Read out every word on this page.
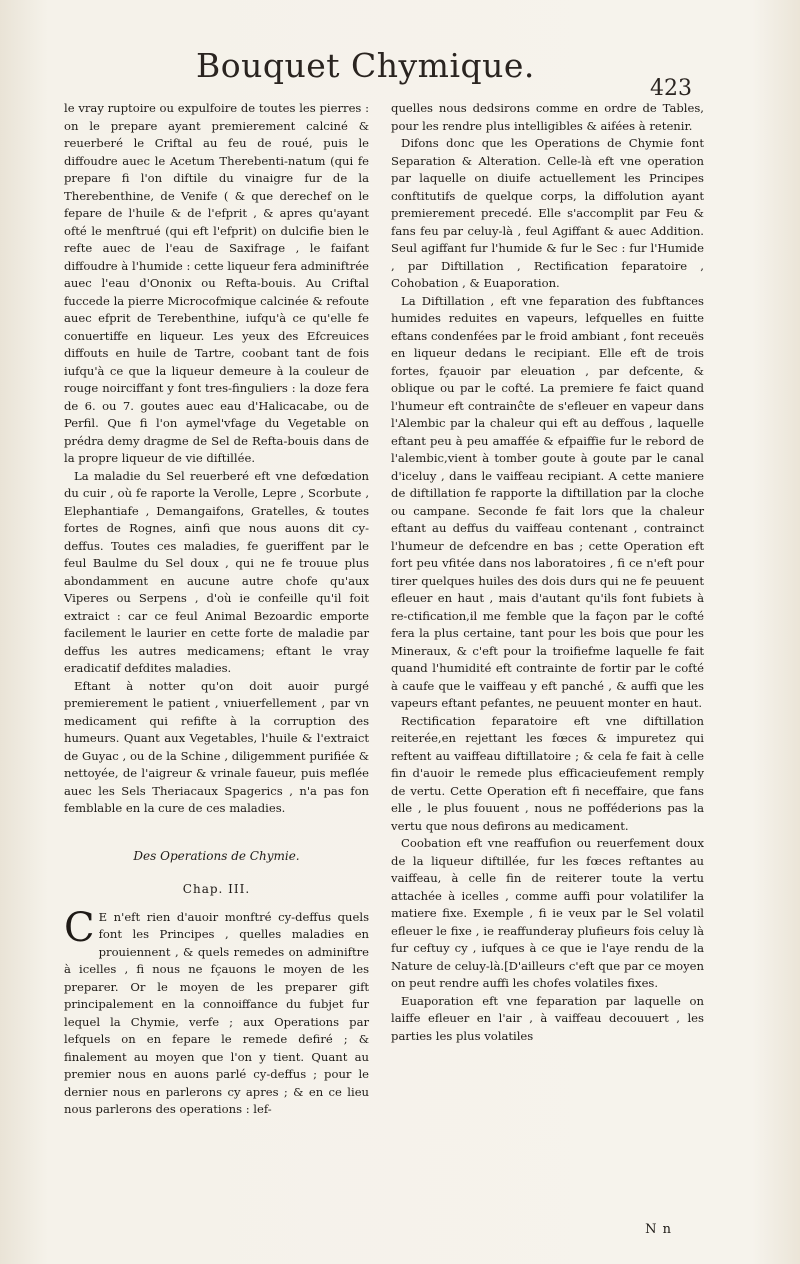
Bouquet Chymique.
423

le vray ruptoire ou expulfoire de toutes les pierres : on le prepare ayant premierement calciné & reuerberé le Criftal au feu de roué, puis le diffoudre auec le Acetum Therebenti-natum (qui fe prepare fi l'on diftile du vinaigre fur de la Therebenthine, de Venife ( & que derechef on le fepare de l'huile & de l'efprit , & apres qu'ayant ofté le menftrué (qui eft l'efprit) on dulcifie bien le refte auec de l'eau de Saxifrage , le faifant diffoudre à l'humide : cette liqueur fera adminiftrée auec l'eau d'Ononix ou Refta-bouis. Au Criftal fuccede la pierre Microcofmique calcinée & refoute auec efprit de Terebenthine, iufqu'à ce qu'elle fe conuertiffe en liqueur. Les yeux des Efcreuices diffouts en huile de Tartre, coobant tant de fois iufqu'à ce que la liqueur demeure à la couleur de rouge noirciffant y font tres-finguliers : la doze fera de 6. ou 7. goutes auec eau d'Halicacabe, ou de Perfil. Que fi l'on aymel'vfage du Vegetable on prédra demy dragme de Sel de Refta-bouis dans de la propre liqueur de vie diftillée.

La maladie du Sel reuerberé eft vne defœdation du cuir , où fe raporte la Verolle, Lepre , Scorbute , Elephantiafe , Demangaifons, Gratelles, & toutes fortes de Rognes, ainfi que nous auons dit cy-deffus. Toutes ces maladies, fe gueriffent par le feul Baulme du Sel doux , qui ne fe trouue plus abondamment en aucune autre chofe qu'aux Viperes ou Serpens , d'où ie confeille qu'il foit extraict : car ce feul Animal Bezoardic emporte facilement le laurier en cette forte de maladie par deffus les autres medicamens; eftant le vray eradicatif defdites maladies.

Eftant à notter qu'on doit auoir purgé premierement le patient , vniuerfellement , par vn medicament qui refifte à la corruption des humeurs. Quant aux Vegetables, l'huile & l'extraict de Guyac , ou de la Schine , diligemment purifiée & nettoyée, de l'aigreur & vrinale faueur, puis meflée auec les Sels Theriacaux Spagerics , n'a pas fon femblable en la cure de ces maladies.

Des Operations de Chymie.
Chap. III.

C E n'eft rien d'auoir monftré cy-deffus quels font les Principes , quelles maladies en prouiennent , & quels remedes on adminiftre à icelles , fi nous ne fçauons le moyen de les preparer. Or le moyen de les preparer gift principalement en la connoiffance du fubjet fur lequel la Chymie, verfe ; aux Operations par lefquels on en fepare le remede defiré ; & finalement au moyen que l'on y tient. Quant au premier nous en auons parlé cy-deffus ; pour le dernier nous en parlerons cy apres ; & en ce lieu nous parlerons des operations : lef-

quelles nous dedsirons comme en ordre de Tables, pour les rendre plus intelligibles & aifées à retenir.

Difons donc que les Operations de Chymie font Separation & Alteration. Celle-là eft vne operation par laquelle on diuife actuellement les Principes conftitutifs de quelque corps, la diffolution ayant premierement precedé. Elle s'accomplit par Feu & fans feu par celuy-là , feul Agiffant & auec Addition. Seul agiffant fur l'humide & fur le Sec : fur l'Humide , par Diftillation , Rectification feparatoire , Cohobation , & Euaporation.

La Diftillation , eft vne feparation des fubftances humides reduites en vapeurs, lefquelles en fuitte eftans condenfées par le froid ambiant , font receuës en liqueur dedans le recipiant. Elle eft de trois fortes, fçauoir par eleuation , par defcente, & oblique ou par le cofté. La premiere fe faict quand l'humeur eft contrainĉte de s'efleuer en vapeur dans l'Alembic par la chaleur qui eft au deffous , laquelle eftant peu à peu amaffée & efpaiffie fur le rebord de l'alembic,vient à tomber goute à goute par le canal d'iceluy , dans le vaiffeau recipiant. A cette maniere de diftillation fe rapporte la diftillation par la cloche ou campane. Seconde fe fait lors que la chaleur eftant au deffus du vaiffeau contenant , contrainct l'humeur de defcendre en bas ; cette Operation eft fort peu vfitée dans nos laboratoires , fi ce n'eft pour tirer quelques huiles des dois durs qui ne fe peuuent efleuer en haut , mais d'autant qu'ils font fubiets à re-ctification,il me femble que la façon par le cofté fera la plus certaine, tant pour les bois que pour les Mineraux, & c'eft pour la troifiefme laquelle fe fait quand l'humidité eft contrainte de fortir par le cofté à caufe que le vaiffeau y eft panché , & auffi que les vapeurs eftant pefantes, ne peuuent monter en haut.

Rectification feparatoire eft vne diftillation reiterée,en rejettant les fœces & impuretez qui reftent au vaiffeau diftillatoire ; & cela fe fait à celle fin d'auoir le remede plus efficacieufement remply de vertu. Cette Operation eft fi neceffaire, que fans elle , le plus fouuent , nous ne pofféderions pas la vertu que nous defirons au medicament.

Coobation eft vne reaffufion ou reuerfement doux de la liqueur diftillée, fur les fœces reftantes au vaiffeau, à celle fin de reiterer toute la vertu attachée à icelles , comme auffi pour volatilifer la matiere fixe. Exemple , fi ie veux par le Sel volatil efleuer le fixe , ie reaffunderay plufieurs fois celuy là fur ceftuy cy , iufques à ce que ie l'aye rendu de la Nature de celuy-là.[D'ailleurs c'eft que par ce moyen on peut rendre auffi les chofes volatiles fixes.

Euaporation eft vne feparation par laquelle on laiffe efleuer en l'air , à vaiffeau decouuert , les parties les plus volatiles

N n
